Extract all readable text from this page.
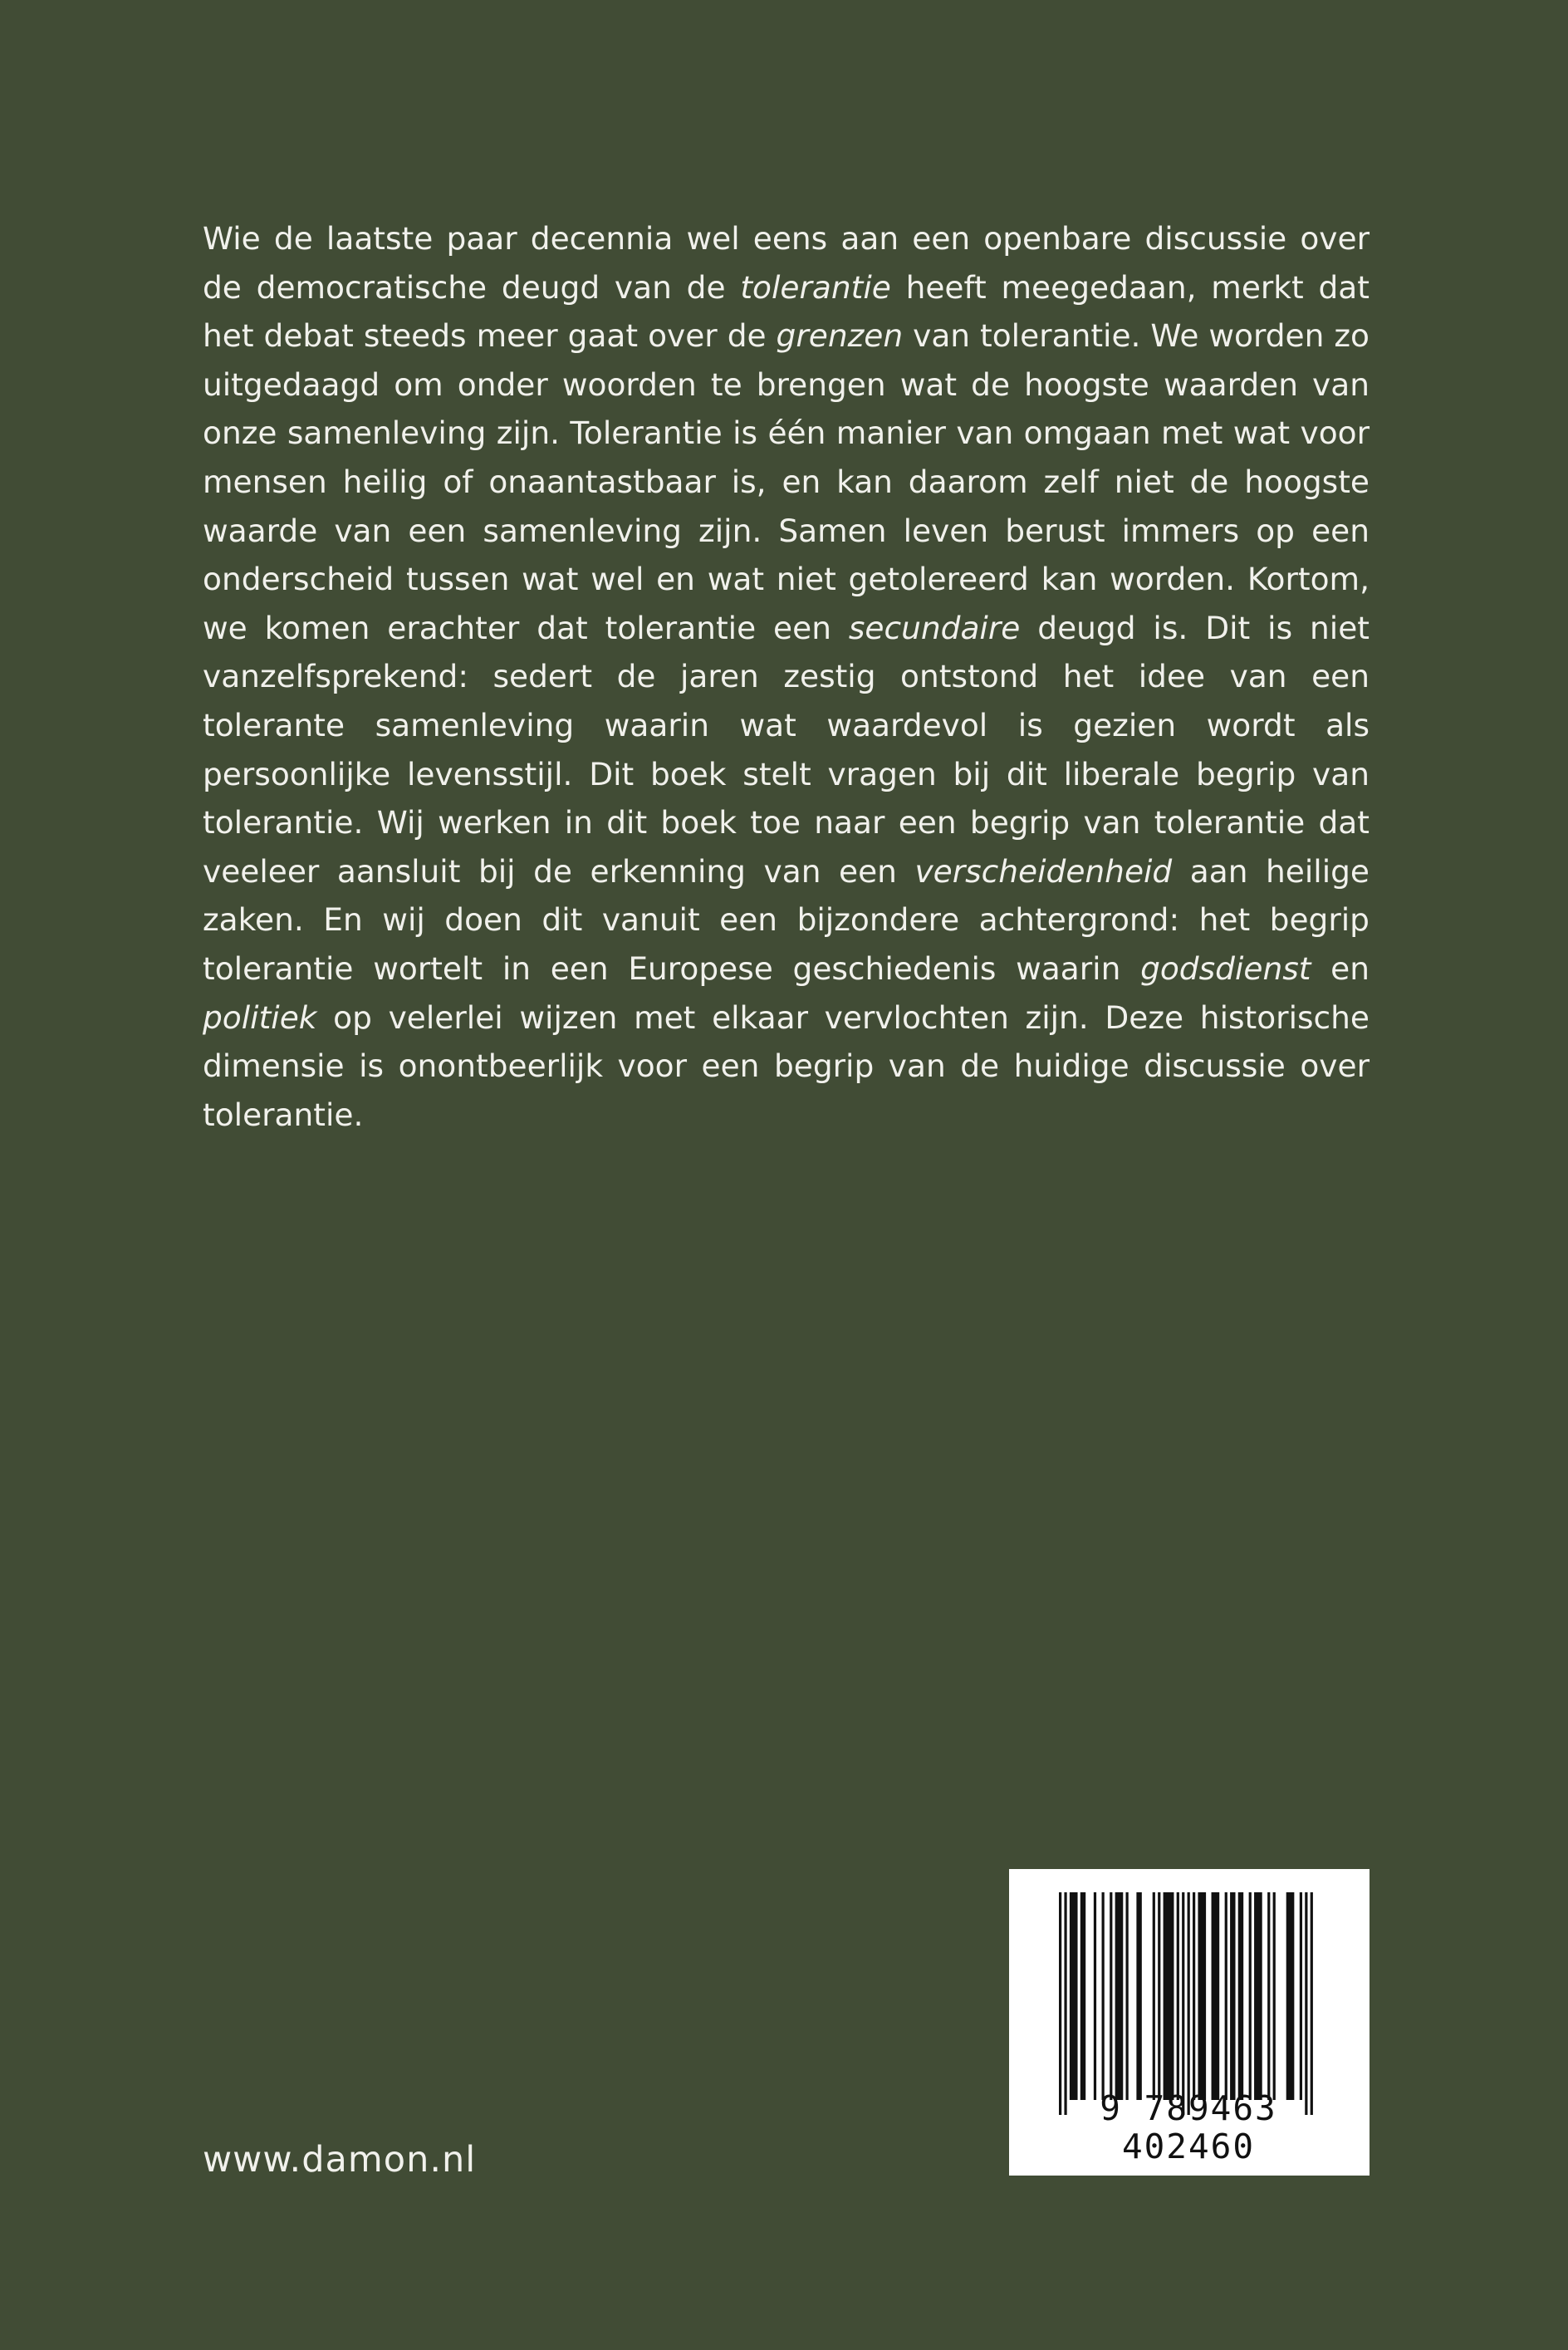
Wie de laatste paar decennia wel eens aan een openbare discussie over de democratische deugd van de tolerantie heeft meegedaan, merkt dat het debat steeds meer gaat over de grenzen van tolerantie. We worden zo uitgedaagd om onder woorden te brengen wat de hoogste waarden van onze samenleving zijn. Tolerantie is één manier van omgaan met wat voor mensen heilig of onaantastbaar is, en kan daarom zelf niet de hoogste waarde van een samenleving zijn. Samen leven berust immers op een onderscheid tussen wat wel en wat niet getolereerd kan worden. Kortom, we komen erachter dat tolerantie een secundaire deugd is. Dit is niet vanzelfsprekend: sedert de jaren zestig ontstond het idee van een tolerante samenleving waarin wat waardevol is gezien wordt als persoonlijke levensstijl. Dit boek stelt vragen bij dit liberale begrip van tolerantie. Wij werken in dit boek toe naar een begrip van tolerantie dat veeleer aansluit bij de erkenning van een verscheidenheid aan heilige zaken. En wij doen dit vanuit een bijzondere achtergrond: het begrip tolerantie wortelt in een Europese geschiedenis waarin godsdienst en politiek op velerlei wijzen met elkaar vervlochten zijn. Deze historische dimensie is onontbeerlijk voor een begrip van de huidige discussie over tolerantie.

www.damon.nl
9 789463 402460
